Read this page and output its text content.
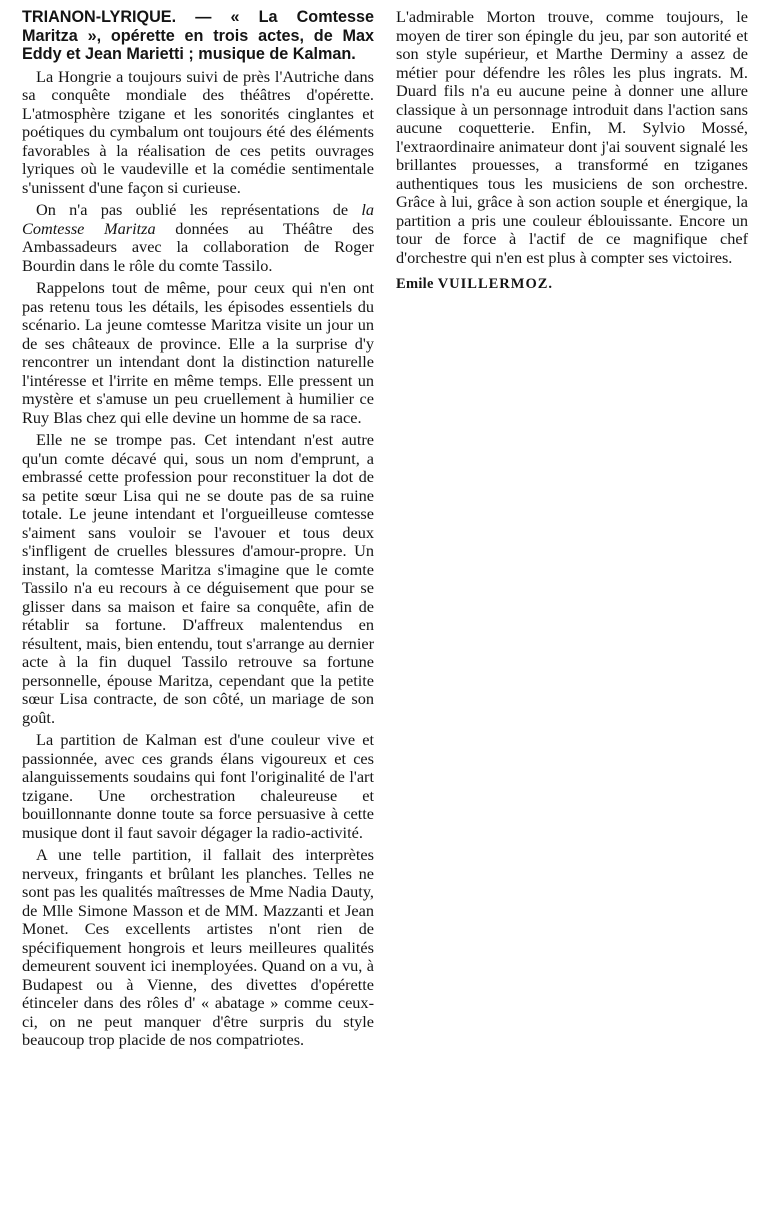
TRIANON-LYRIQUE. — « La Comtesse Maritza », opérette en trois actes, de Max Eddy et Jean Marietti ; musique de Kalman.

La Hongrie a toujours suivi de près l'Autriche dans sa conquête mondiale des théâtres d'opérette. L'atmosphère tzigane et les sonorités cinglantes et poétiques du cymbalum ont toujours été des éléments favorables à la réalisation de ces petits ouvrages lyriques où le vaudeville et la comédie sentimentale s'unissent d'une façon si curieuse.

On n'a pas oublié les représentations de la Comtesse Maritza données au Théâtre des Ambassadeurs avec la collaboration de Roger Bourdin dans le rôle du comte Tassilo.

Rappelons tout de même, pour ceux qui n'en ont pas retenu tous les détails, les épisodes essentiels du scénario. La jeune comtesse Maritza visite un jour un de ses châteaux de province. Elle a la surprise d'y rencontrer un intendant dont la distinction naturelle l'intéresse et l'irrite en même temps. Elle pressent un mystère et s'amuse un peu cruellement à humilier ce Ruy Blas chez qui elle devine un homme de sa race.

Elle ne se trompe pas. Cet intendant n'est autre qu'un comte décavé qui, sous un nom d'emprunt, a embrassé cette profession pour reconstituer la dot de sa petite sœur Lisa qui ne se doute pas de sa ruine totale. Le jeune intendant et l'orgueilleuse comtesse s'aiment sans vouloir se l'avouer et tous deux s'infligent de cruelles blessures d'amour-propre. Un instant, la comtesse Maritza s'imagine que le comte Tassilo n'a eu recours à ce déguisement que pour se glisser dans sa maison et faire sa conquête, afin de rétablir sa fortune. D'affreux malentendus en résultent, mais, bien entendu, tout s'arrange au dernier acte à la fin duquel Tassilo retrouve sa fortune personnelle, épouse Maritza, cependant que la petite sœur Lisa contracte, de son côté, un mariage de son goût.

La partition de Kalman est d'une couleur vive et passionnée, avec ces grands élans vigoureux et ces alanguissements soudains qui font l'originalité de l'art tzigane. Une orchestration chaleureuse et bouillonnante donne toute sa force persuasive à cette musique dont il faut savoir dégager la radio-activité.

A une telle partition, il fallait des interprètes nerveux, fringants et brûlant les planches. Telles ne sont pas les qualités maîtresses de Mme Nadia Dauty, de Mlle Simone Masson et de MM. Mazzanti et Jean Monet. Ces excellents artistes n'ont rien de spécifiquement hongrois et leurs meilleures qualités demeurent souvent ici inemployées. Quand on a vu, à Budapest ou à Vienne, des divettes d'opérette étinceler dans des rôles d' « abatage » comme ceux-ci, on ne peut manquer d'être surpris du style beaucoup trop placide de nos compatriotes.

L'admirable Morton trouve, comme toujours, le moyen de tirer son épingle du jeu, par son autorité et son style supérieur, et Marthe Derminy a assez de métier pour défendre les rôles les plus ingrats. M. Duard fils n'a eu aucune peine à donner une allure classique à un personnage introduit dans l'action sans aucune coquetterie. Enfin, M. Sylvio Mossé, l'extraordinaire animateur dont j'ai souvent signalé les brillantes prouesses, a transformé en tziganes authentiques tous les musiciens de son orchestre. Grâce à lui, grâce à son action souple et énergique, la partition a pris une couleur éblouissante. Encore un tour de force à l'actif de ce magnifique chef d'orchestre qui n'en est plus à compter ses victoires.

Emile VUILLERMOZ.
